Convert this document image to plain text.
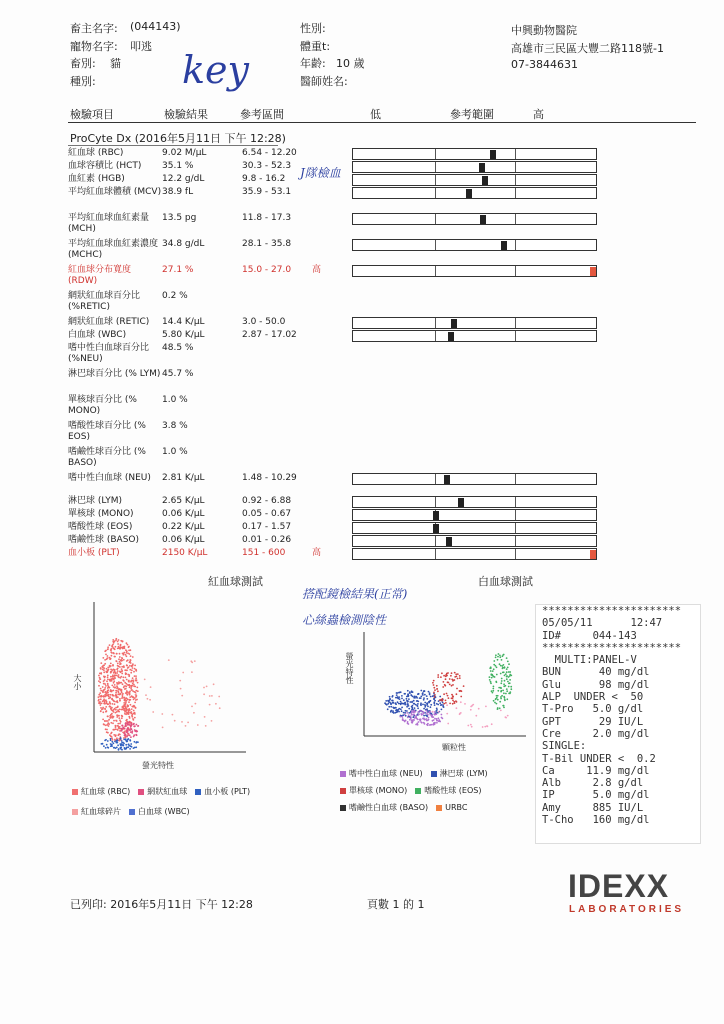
畜主名字: (044143)
寵物名字: 叩逃
畜別: 貓
種別:
性別:
體重t:
年齡: 10 歲
醫師姓名:
中興動物醫院
高雄市三民區大豐二路118號-1
07-3844631
key
檢驗項目	檢驗結果	參考區間	低	參考範圍	高
ProCyte Dx (2016年5月11日 下午 12:28)
J隊檢血
紅血球 (RBC)	9.02 M/µL	6.54 - 12.20
血球容積比 (HCT)	35.1 %	30.3 - 52.3
血紅素 (HGB)	12.2 g/dL	9.8 - 16.2
平均紅血球體積 (MCV) 38.9 fL	35.9 - 53.1
平均紅血球血紅素量 (MCH)
13.5 pg	11.8 - 17.3
平均紅血球血紅素濃度 (MCHC)
34.8 g/dL	28.1 - 35.8
紅血球分布寬度 (RDW)
27.1 %	15.0 - 27.0 高
網狀紅血球百分比 (%RETIC)
0.2 %
網狀紅血球 (RETIC)	14.4 K/µL	3.0 - 50.0
白血球 (WBC)	5.80 K/µL	2.87 - 17.02
嗜中性白血球百分比 (%NEU)
48.5 %
淋巴球百分比 (% LYM) 45.7 %
單核球百分比 (% MONO)
1.0 %
嗜酸性球百分比 (% EOS)
3.8 %
嗜鹼性球百分比 (% BASO)
1.0 %
嗜中性白血球 (NEU)	2.81 K/µL	1.48 - 10.29
淋巴球 (LYM)	2.65 K/µL	0.92 - 6.88
單核球 (MONO)	0.06 K/µL	0.05 - 0.67
嗜酸性球 (EOS)	0.22 K/µL	0.17 - 1.57
嗜鹼性球 (BASO)	0.06 K/µL	0.01 - 0.26
血小板 (PLT)	2150 K/µL	151 - 600	高
紅血球測試	白血球測試
搭配鏡檢結果(正常)
心絲蟲檢測陰性
大小
螢光特性
螢光特性
顆粒性
紅血球 (RBC) 網狀紅血球 血小板 (PLT)紅血球碎片 白血球 (WBC)
嗜中性白血球 (NEU) 淋巴球 (LYM)單核球 (MONO) 嗜酸性球 (EOS)嗜鹼性白血球 (BASO) URBC
**********************
05/05/11      12:47
ID#     044-143
**********************
MULTI:PANEL-V
BUN      40 mg/dl
Glu      98 mg/dl
ALP  UNDER <  50
T-Pro   5.0 g/dl
GPT      29 IU/L
Cre     2.0 mg/dl
SINGLE:
T-Bil UNDER <  0.2
Ca     11.9 mg/dl
Alb     2.8 g/dl
IP      5.0 mg/dl
Amy     885 IU/L
T-Cho   160 mg/dl
已列印: 2016年5月11日 下午 12:28	頁數 1 的 1
IDEXX
LABORATORIES
